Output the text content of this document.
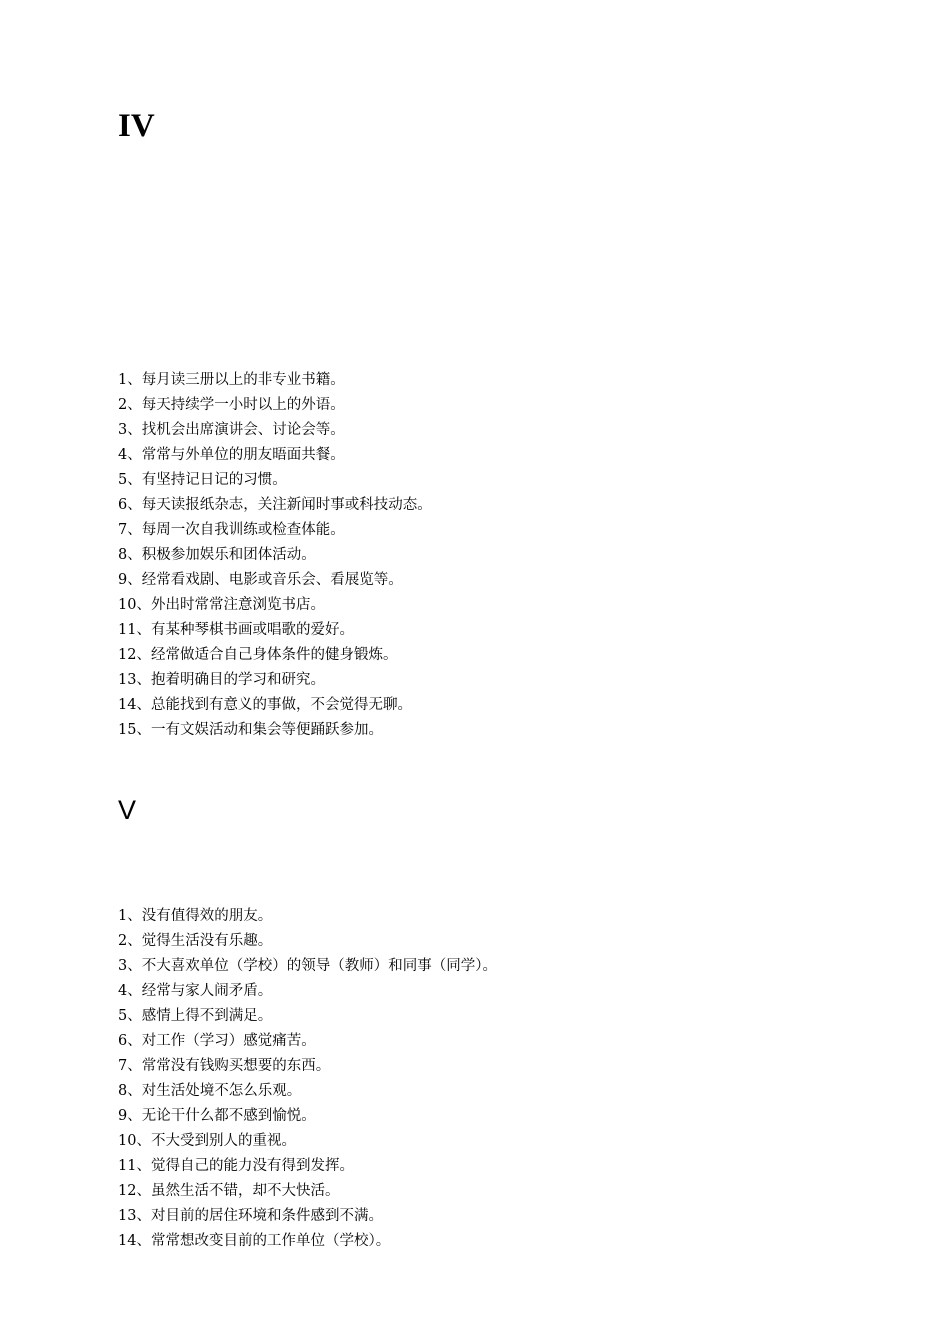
IV
1、每月读三册以上的非专业书籍。
2、每天持续学一小时以上的外语。
3、找机会出席演讲会、讨论会等。
4、常常与外单位的朋友晤面共餐。
5、有坚持记日记的习惯。
6、每天读报纸杂志，关注新闻时事或科技动态。
7、每周一次自我训练或检查体能。
8、积极参加娱乐和团体活动。
9、经常看戏剧、电影或音乐会、看展览等。
10、外出时常常注意浏览书店。
11、有某种琴棋书画或唱歌的爱好。
12、经常做适合自己身体条件的健身锻炼。
13、抱着明确目的学习和研究。
14、总能找到有意义的事做，不会觉得无聊。
15、一有文娱活动和集会等便踊跃参加。
V
1、没有值得效的朋友。
2、觉得生活没有乐趣。
3、不大喜欢单位（学校）的领导（教师）和同事（同学）。
4、经常与家人闹矛盾。
5、感情上得不到满足。
6、对工作（学习）感觉痛苦。
7、常常没有钱购买想要的东西。
8、对生活处境不怎么乐观。
9、无论干什么都不感到愉悦。
10、不大受到别人的重视。
11、觉得自己的能力没有得到发挥。
12、虽然生活不错，却不大快活。
13、对目前的居住环境和条件感到不满。
14、常常想改变目前的工作单位（学校）。
